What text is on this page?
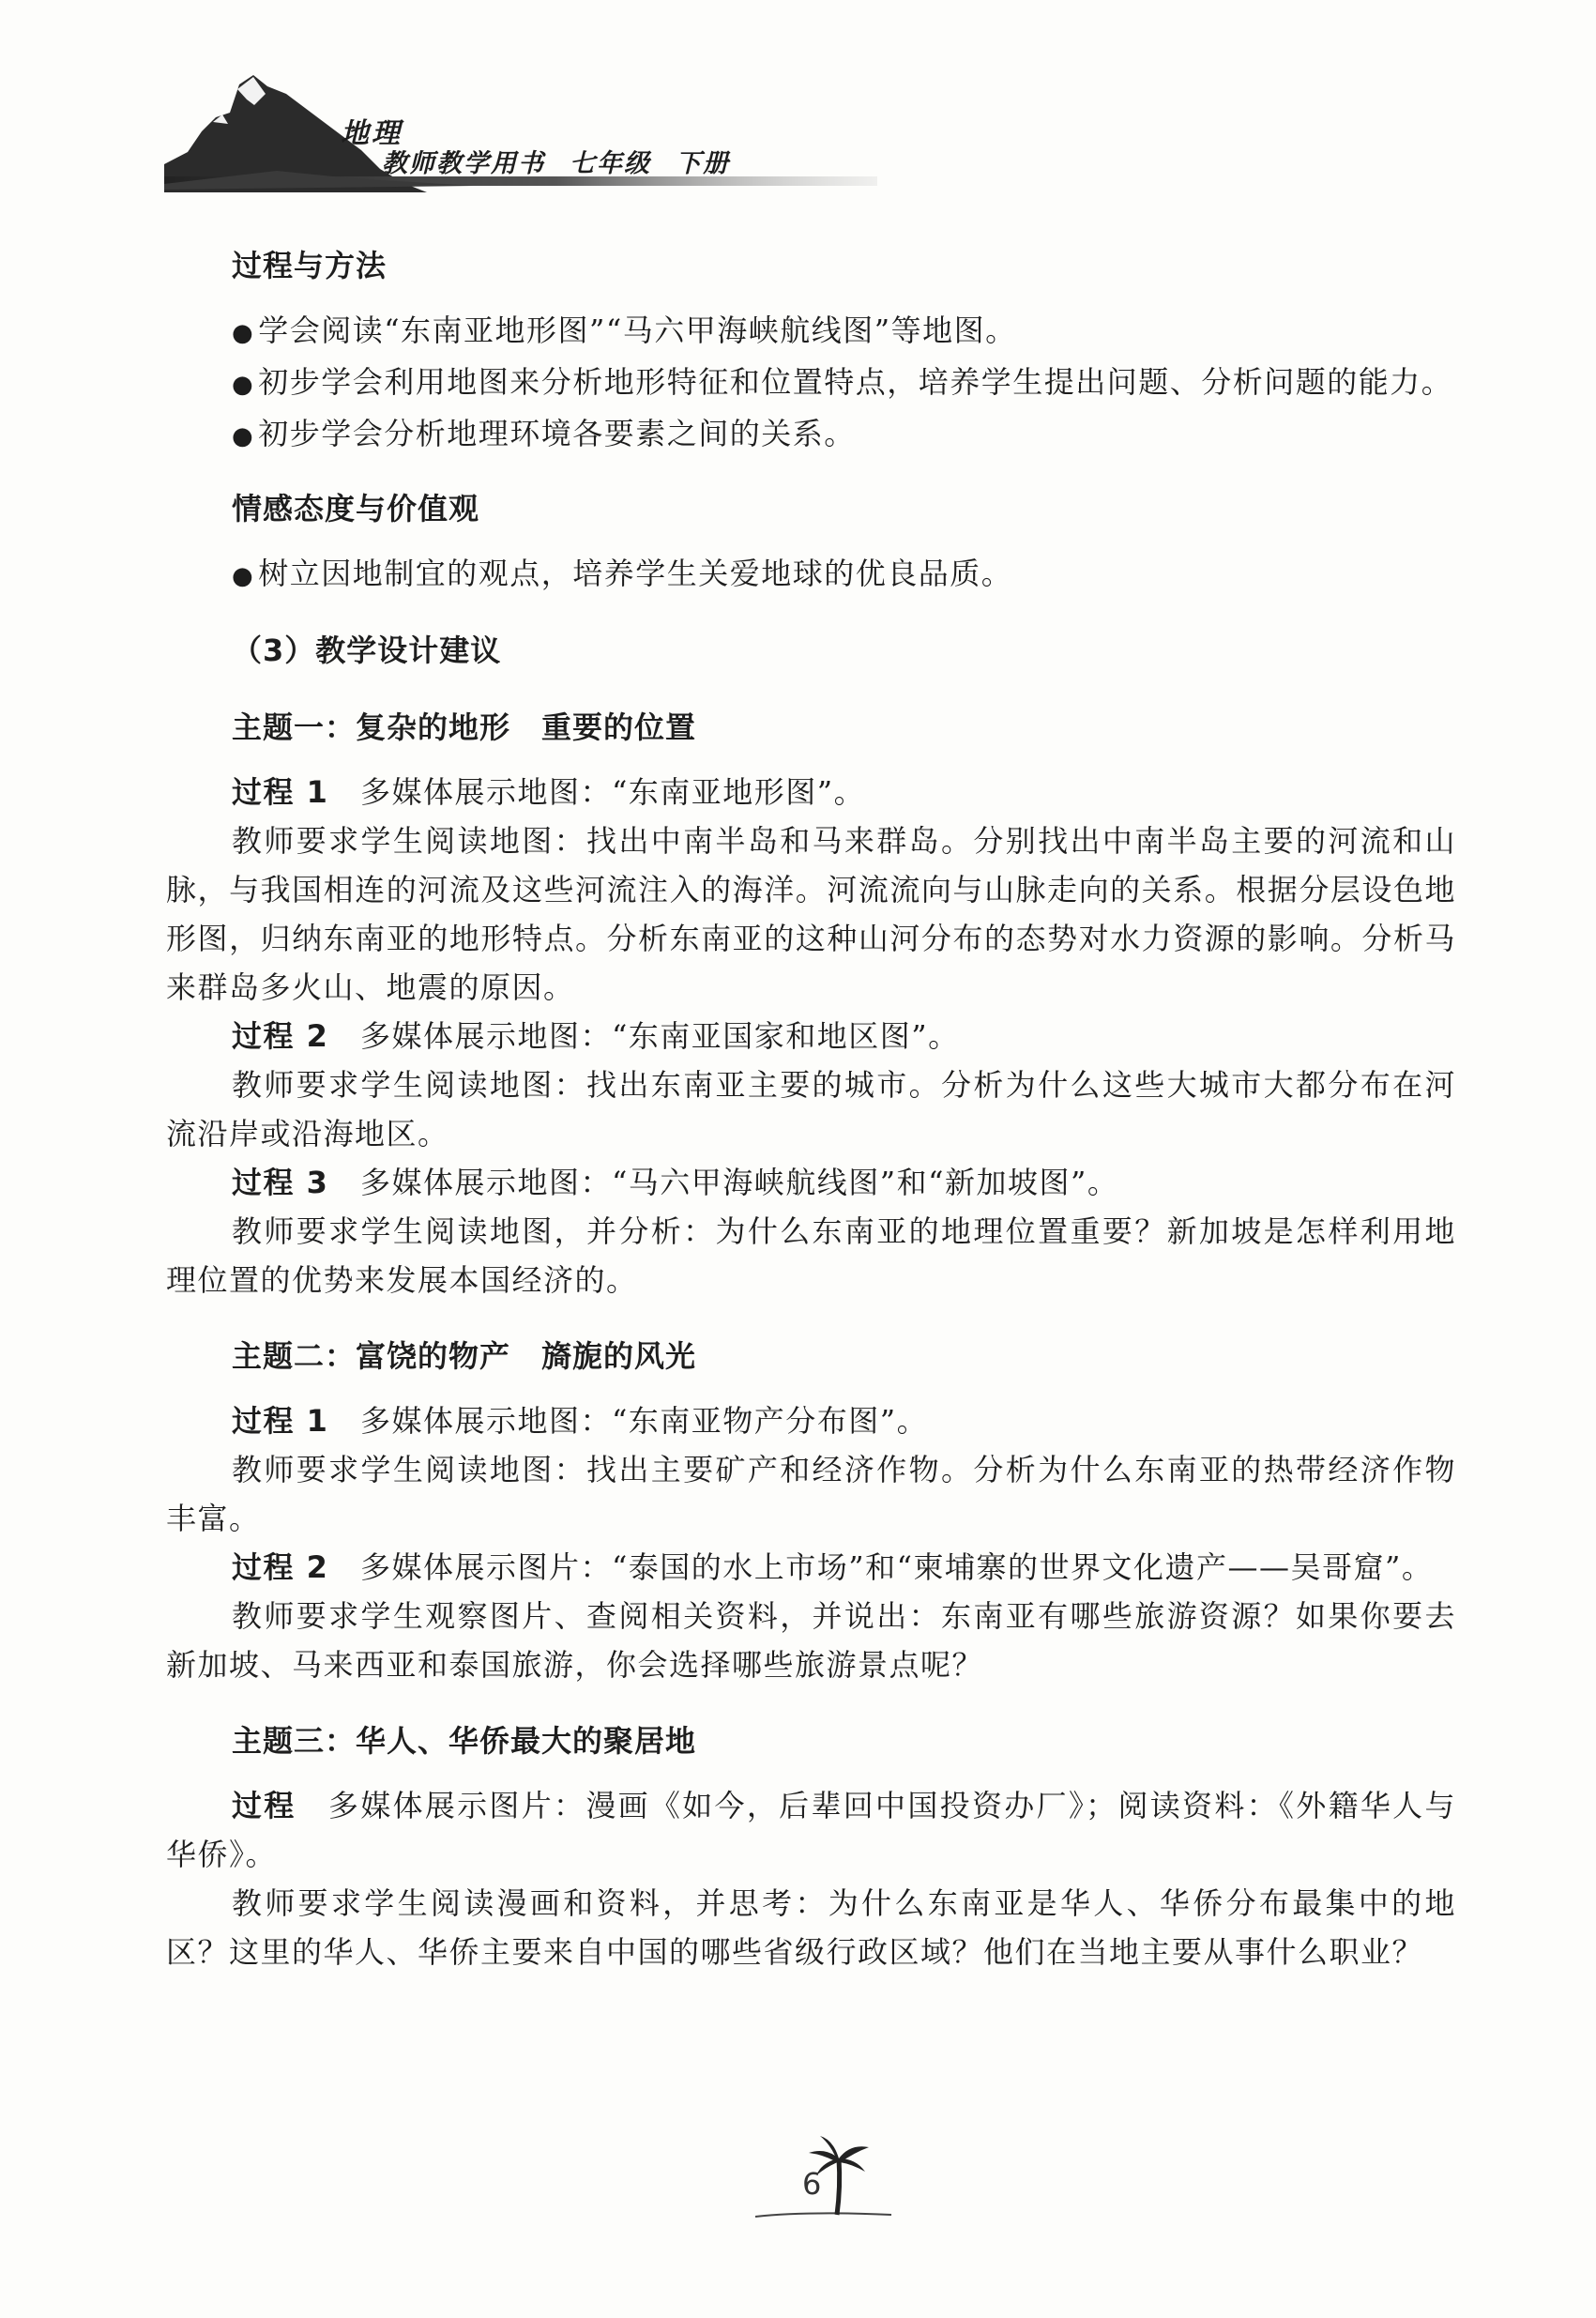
地理
教师教学用书 七年级 下册
过程与方法

● 学会阅读“东南亚地形图”“马六甲海峡航线图”等地图。

● 初步学会利用地图来分析地形特征和位置特点，培养学生提出问题、分析问题的能力。

● 初步学会分析地理环境各要素之间的关系。

情感态度与价值观

● 树立因地制宜的观点，培养学生关爱地球的优良品质。

（3）教学设计建议
主题一：复杂的地形　重要的位置

过程 1　 多媒体展示地图：“东南亚地形图”。

教师要求学生阅读地图：找出中南半岛和马来群岛。分别找出中南半岛主要的河流和山脉，与我国相连的河流及这些河流注入的海洋。河流流向与山脉走向的关系。根据分层设色地形图，归纳东南亚的地形特点。分析东南亚的这种山河分布的态势对水力资源的影响。分析马来群岛多火山、地震的原因。

过程 2　 多媒体展示地图：“东南亚国家和地区图”。

教师要求学生阅读地图：找出东南亚主要的城市。分析为什么这些大城市大都分布在河流沿岸或沿海地区。

过程 3　 多媒体展示地图：“马六甲海峡航线图”和“新加坡图”。

教师要求学生阅读地图，并分析：为什么东南亚的地理位置重要？新加坡是怎样利用地理位置的优势来发展本国经济的。

主题二：富饶的物产　旖旎的风光

过程 1　 多媒体展示地图：“东南亚物产分布图”。

教师要求学生阅读地图：找出主要矿产和经济作物。分析为什么东南亚的热带经济作物丰富。

过程 2　 多媒体展示图片：“泰国的水上市场”和“柬埔寨的世界文化遗产——吴哥窟”。

教师要求学生观察图片、查阅相关资料，并说出：东南亚有哪些旅游资源？如果你要去新加坡、马来西亚和泰国旅游，你会选择哪些旅游景点呢？

主题三：华人、华侨最大的聚居地

过程　 多媒体展示图片：漫画《如今，后辈回中国投资办厂》；阅读资料：《外籍华人与华侨》。

教师要求学生阅读漫画和资料，并思考：为什么东南亚是华人、华侨分布最集中的地区？这里的华人、华侨主要来自中国的哪些省级行政区域？他们在当地主要从事什么职业？

6
